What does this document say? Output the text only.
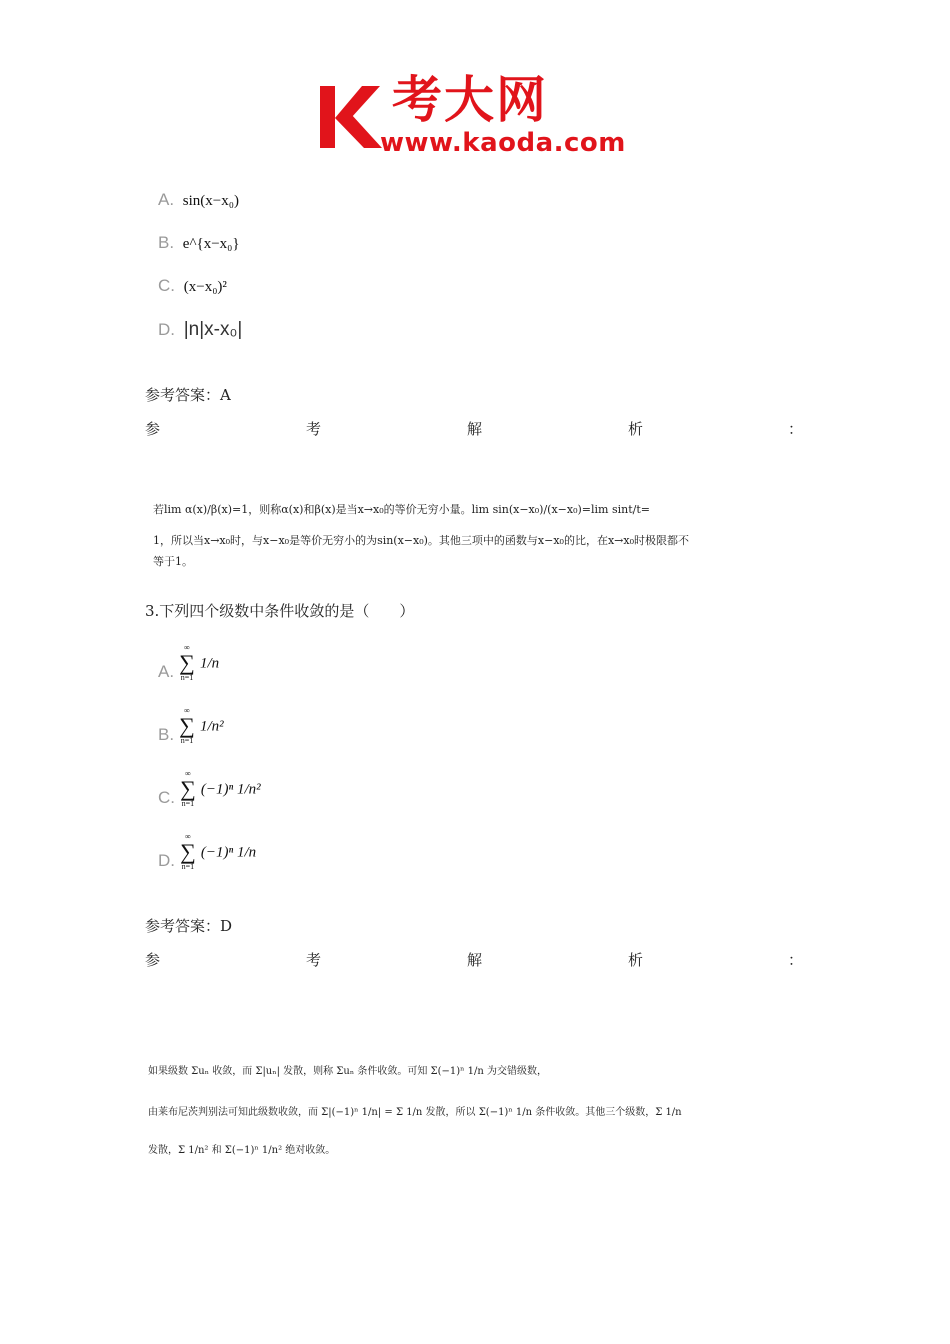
考大网
www.kaoda.com
A. sin(x−x₀)
B. e^{x−x₀}
C. (x−x₀)²
D. |n|x-x₀|
参考答案：A
参	考	解	析	：
若lim α(x)/β(x)=1，则称α(x)和β(x)是当x→x₀的等价无穷小量。lim sin(x−x₀)/(x−x₀)=lim sint/t=
1，所以当x→x₀时，与x−x₀是等价无穷小的为sin(x−x₀)。其他三项中的函数与x−x₀的比，在x→x₀时极限都不
等于1。
3.下列四个级数中条件收敛的是（　　）
A.
∞
∑
n=1
1/n
B.
∞
∑
n=1
1/n²
C.
∞
∑
n=1
(−1)ⁿ 1/n²
D.
∞
∑
n=1
(−1)ⁿ 1/n
参考答案：D
参	考	解	析	：
如果级数 Σuₙ 收敛，而 Σ|uₙ| 发散，则称 Σuₙ 条件收敛。可知 Σ(−1)ⁿ 1/n 为交错级数，
由莱布尼茨判别法可知此级数收敛，而 Σ|(−1)ⁿ 1/n| = Σ 1/n 发散，所以 Σ(−1)ⁿ 1/n 条件收敛。其他三个级数，Σ 1/n
发散，Σ 1/n² 和 Σ(−1)ⁿ 1/n² 绝对收敛。
